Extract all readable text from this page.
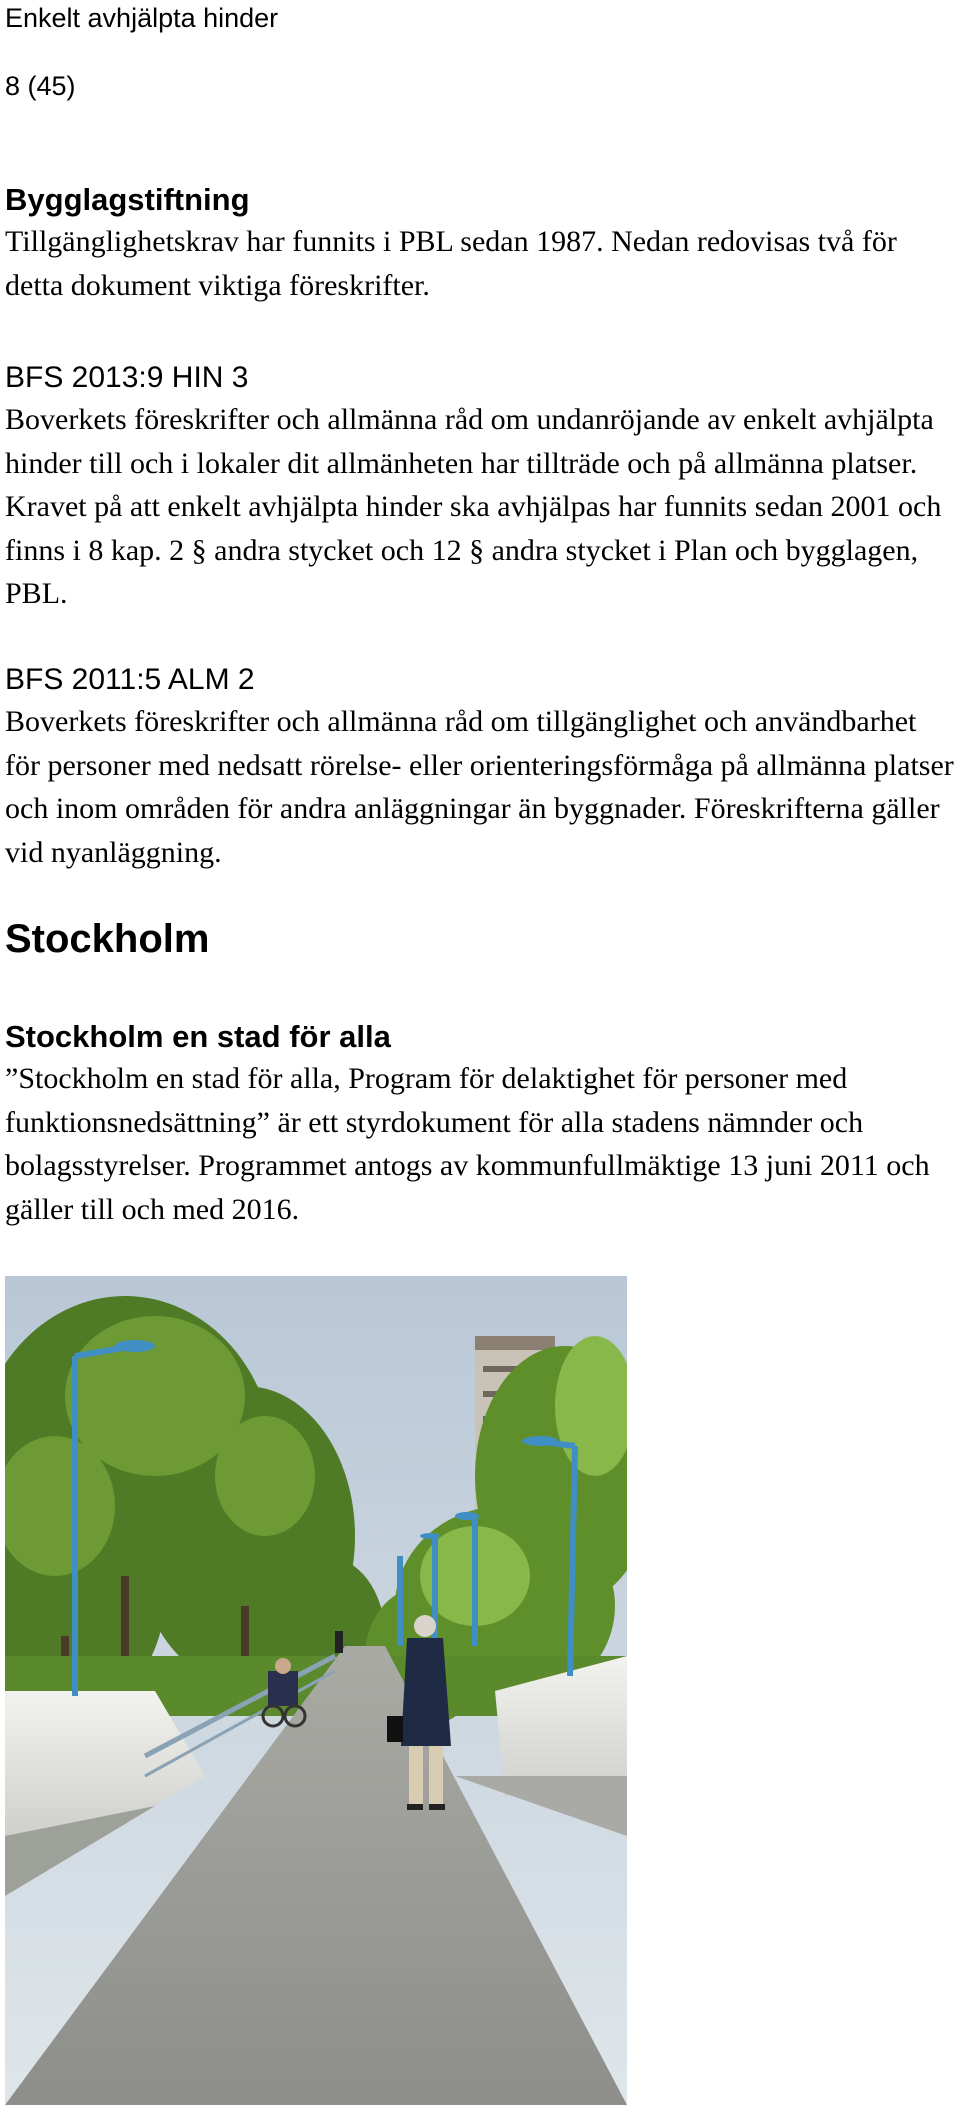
Enkelt avhjälpta hinder
8 (45)
Bygglagstiftning

Tillgänglighetskrav har funnits i PBL sedan 1987. Nedan redovisas två för detta dokument viktiga föreskrifter.

BFS 2013:9 HIN 3

Boverkets föreskrifter och allmänna råd om undanröjande av enkelt avhjälpta hinder till och i lokaler dit allmänheten har tillträde och på allmänna platser. Kravet på att enkelt avhjälpta hinder ska avhjälpas har funnits sedan 2001 och finns i 8 kap. 2 § andra stycket och 12 § andra stycket i Plan och bygglagen, PBL.

BFS 2011:5 ALM 2

Boverkets föreskrifter och allmänna råd om tillgänglighet och användbarhet för personer med nedsatt rörelse- eller orienteringsförmåga på allmänna platser och inom områden för andra anläggningar än byggnader. Föreskrifterna gäller vid nyanläggning.

Stockholm
Stockholm en stad för alla

”Stockholm en stad för alla, Program för delaktighet för personer med funktionsnedsättning” är ett styrdokument för alla stadens nämnder och bolagsstyrelser. Programmet antogs av kommunfullmäktige 13 juni 2011 och gäller till och med 2016.
